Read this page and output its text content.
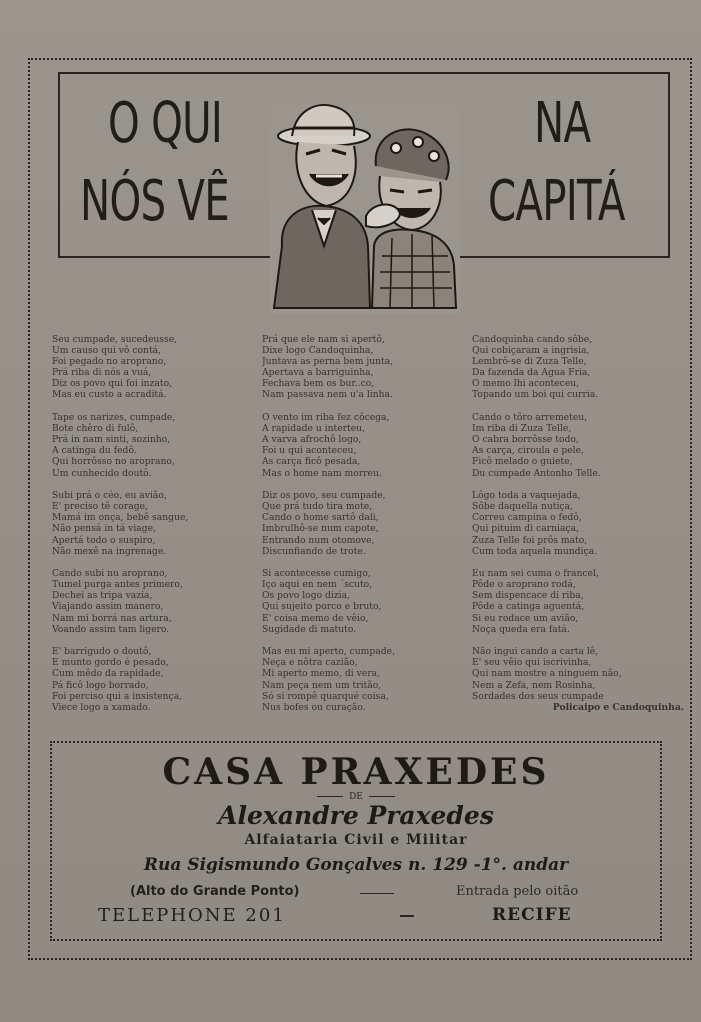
O QUI
NÓS VÊ
NA
CAPITÁ
Seu cumpade, sucedeusse,
Um causo qui vô contá,
Foi pegado no aroprano,
Prá riba di nós a vuá,
Diz os povo qui foi inzato,
Mas eu custo a acraditá.
Tape os narizes, cumpade,
Bote chêro di fulô,
Prá in nam sinti, sozinho,
A catinga du fedô.
Qui horrôsso no aroprano,
Um cunhecido doutô.
Subi prá o céo, eu avião,
E' preciso tê corage,
Mamá im onça, bebê sangue,
Não pensá in tá viage,
Apertá todo o suspiro,
Não mexê na ingrenage.
Cando subi nu aroprano,
Tumel purga antes primero,
Dechei as tripa vazia,
Viajando assim manero,
Nam mi borrá nas artura,
Voando assim tam ligero.
E' barrigudo o doutô,
E munto gordo é pesado,
Cum mêdo da rapidade,
Pá ficô logo borrado,
Foi perciso qui a insistença,
Viece logo a xamado.
Prá que ele nam si apertô,
Dixe logo Candoquinha,
Juntava as perna bem junta,
Apertava a barriguinha,
Fechava bem os bur..co,
Nam passava nem u'a linha.
O vento im riba fez côcega,
A rapidade u interteu,
A varva afrochô logo,
Foi u qui aconteceu,
As carça ficô pesada,
Mas o home nam morreu.
Diz os povo, seu cumpade,
Que prá tudo tira mote,
Cando o home sartô dali,
Imbrulhô-se num capote,
Entrando num otomove,
Discunfiando de trote.
Si acontecesse cumigo,
Iço aqui en nem ´scuto,
Os povo logo dizia,
Qui sujeito porco e bruto,
E' coisa memo de vêio,
Sugidade di matuto.
Mas eu mi aperto, cumpade,
Neça e nôtra cazião,
Mi aperto memo, di vera,
Nam peça nem um tritão,
Só si rompê quarqué coisa,
Nus bofes ou curação.
Candoquinha cando sôbe,
Qui cobiçaram a ingrisia,
Lembrô-se di Zuza Telle,
Da fazenda da Agua Fria,
O memo lhi aconteceu,
Topando um boi qui curria.
Cando o tôro arremeteu,
Im riba di Zuza Telle,
O cabra borrôsse todo,
As carça, ciroula e pele,
Ficô melado o guiete,
Du cumpade Antonho Telle.
Lôgo toda a vaquejada,
Sôbe daquella nutiça,
Correu campina o fedô,
Qui pituim di carniaça,
Zuza Telle foi prôs mato,
Cum toda aquela mundiça.
Eu nam sei cuma o francel,
Pôde o aroprano rodá,
Sem dispencace di riba,
Pôde a catinga aguentá,
Si eu rodace um avião,
Noça queda era fatá.
Não ingui cando a carta lê,
E' seu vêio qui iscrivinha,
Qui nam mostre a ninguem não,
Nem a Zefa, nem Rosinha,
Sordades dos seus cumpade
Policaipo e Candoquinha.
CASA PRAXEDES
DE
Alexandre Praxedes
Alfaiataria Civil e Militar
Rua Sigismundo Gonçalves n. 129 -1°. andar
(Alto do Grande Ponto)	Entrada pelo oitão
TELEPHONE 201	RECIFE
